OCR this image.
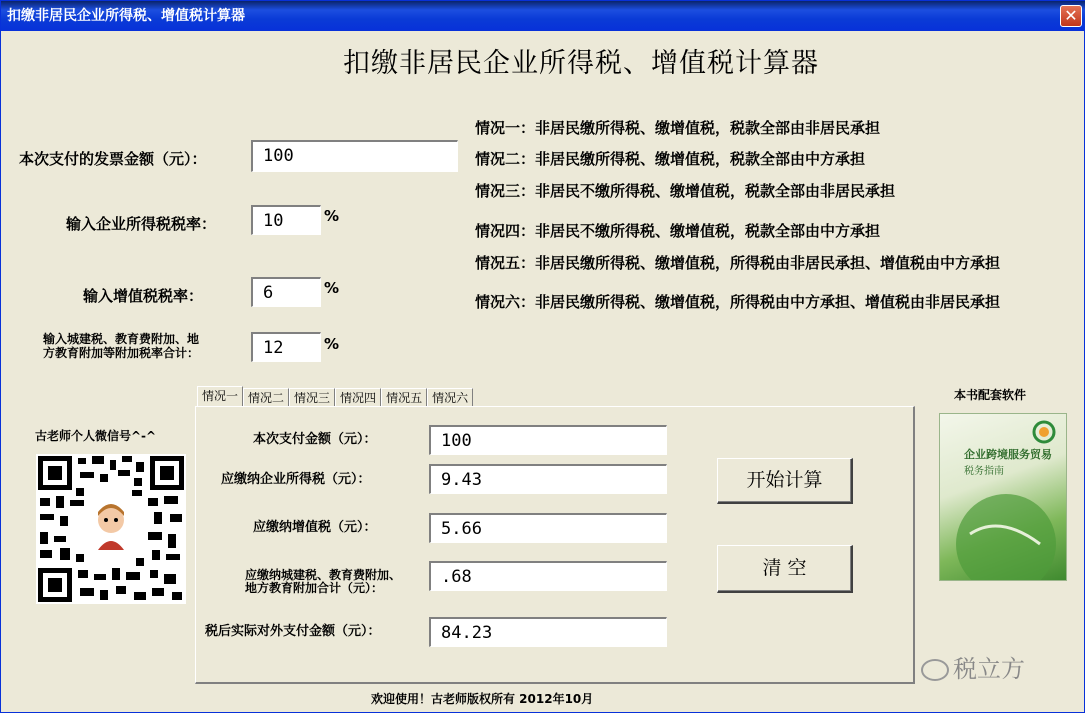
扣缴非居民企业所得税、增值税计算器	✕
扣缴非居民企业所得税、增值税计算器
本次支付的发票金额（元）：	100
输入企业所得税税率：	10	%
输入增值税税率：	6	%
输入城建税、教育费附加、地
方教育附加等附加税率合计：	12	%
情况一：非居民缴所得税、缴增值税，税款全部由非居民承担
情况二：非居民缴所得税、缴增值税，税款全部由中方承担
情况三：非居民不缴所得税、缴增值税，税款全部由非居民承担
情况四：非居民不缴所得税、缴增值税，税款全部由中方承担
情况五：非居民缴所得税、缴增值税，所得税由非居民承担、增值税由中方承担
情况六：非居民缴所得税、缴增值税，所得税由中方承担、增值税由非居民承担
古老师个人微信号^-^
情况一 情况二 情况三 情况四 情况五 情况六
本次支付金额（元）：	100
应缴纳企业所得税（元）：	9.43
应缴纳增值税（元）：	5.66
应缴纳城建税、教育费附加、
地方教育附加合计（元）：
.68
税后实际对外支付金额（元）：	84.23
开始计算
清 空
本书配套软件
企业跨境服务贸易
税务指南
欢迎使用！古老师版权所有 2012年10月
税立方
